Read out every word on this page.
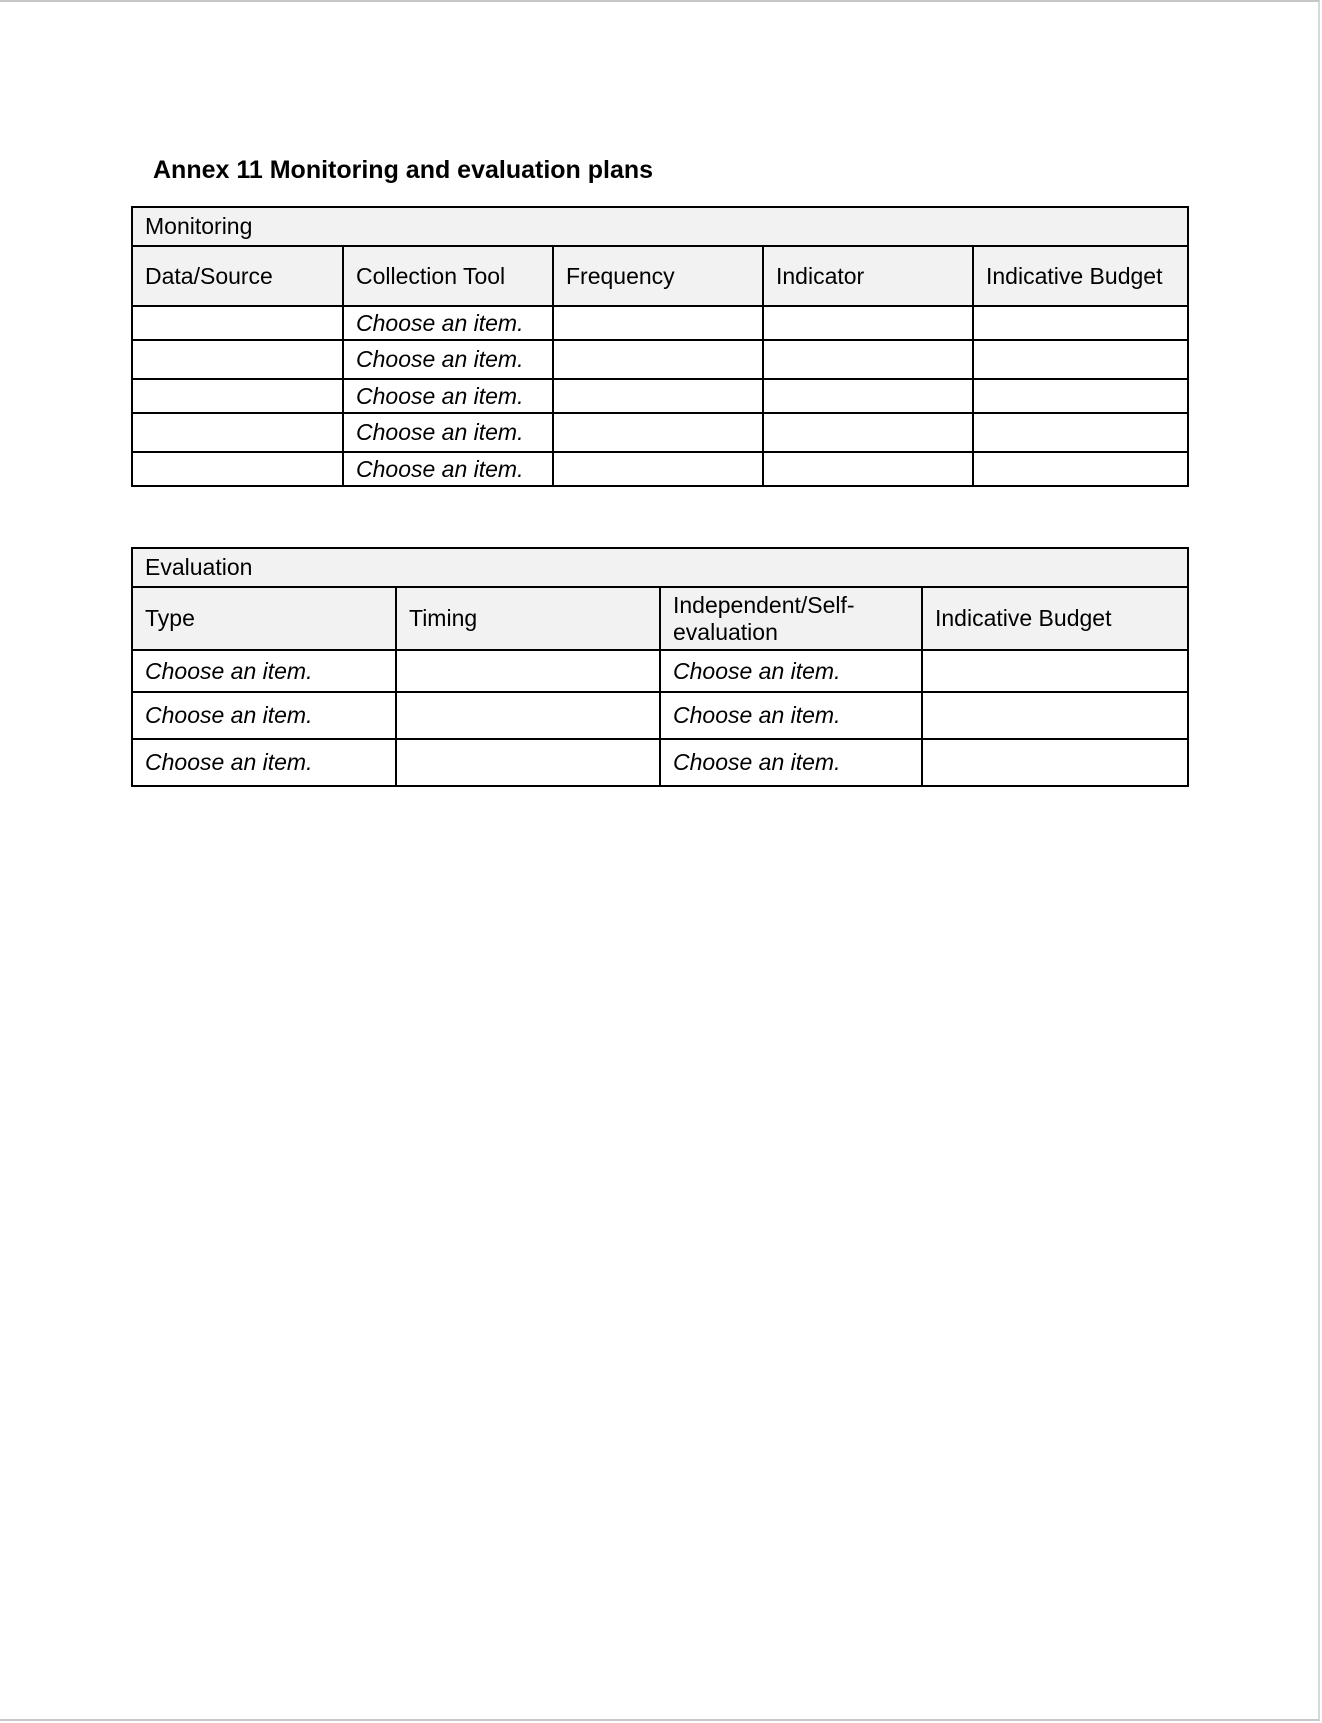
Annex 11 Monitoring and evaluation plans
Monitoring				
Data/Source	Collection Tool	Frequency	Indicator	Indicative Budget
	Choose an item.			
	Choose an item.			
	Choose an item.			
	Choose an item.			
	Choose an item.			
Evaluation			
Type	Timing	Independent/Self-evaluation	Indicative Budget
Choose an item.		Choose an item.	
Choose an item.		Choose an item.	
Choose an item.		Choose an item.	
